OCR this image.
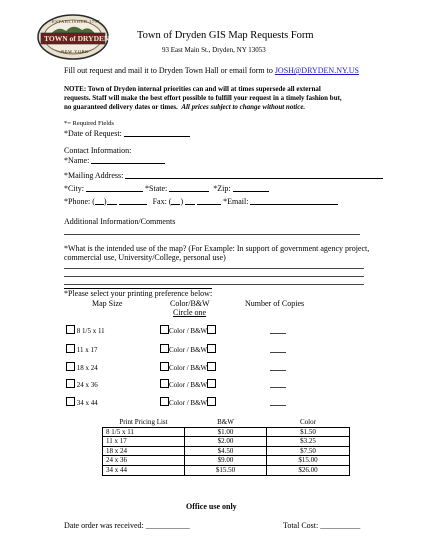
ESTABLISHED 1797
TOWN of DRYDEN
NEW YORK
Town of Dryden GIS Map Requests Form
93 East Main St., Dryden, NY 13053
Fill out request and mail it to Dryden Town Hall or email form to JOSH@DRYDEN.NY.US
NOTE: Town of Dryden internal priorities can and will at times supersede all external
requests. Staff will make the best effort possible to fulfill your request in a timely fashion but,
no guaranteed delivery dates or times. All prices subject to change without notice.
*= Required Fields
*Date of Request:
Contact Information:
*Name:
*Mailing Address:
*City:	*State:	*Zip:
*Phone: ( )	Fax: ( )	*Email:
Additional Information/Comments
*What is the intended use of the map? (For Example: In support of government agency project,
commercial use, University/College, personal use)
*Please select your printing preference below:
Map Size	Color/B&W
Circle one
Number of Copies
8 1/5 x 11	Color / B&W
11 x 17	Color / B&W
18 x 24	Color / B&W
24 x 36	Color / B&W
34 x 44	Color / B&W
Print Pricing List	B&W	Color
8 1/5 x 11	$1.00	$1.50
11 x 17	$2.00	$3.25
18 x 24	$4.50	$7.50
24 x 36	$9.00	$15.00
34 x 44	$15.50	$26.00
Office use only
Date order was received: ___________	Total Cost: __________
